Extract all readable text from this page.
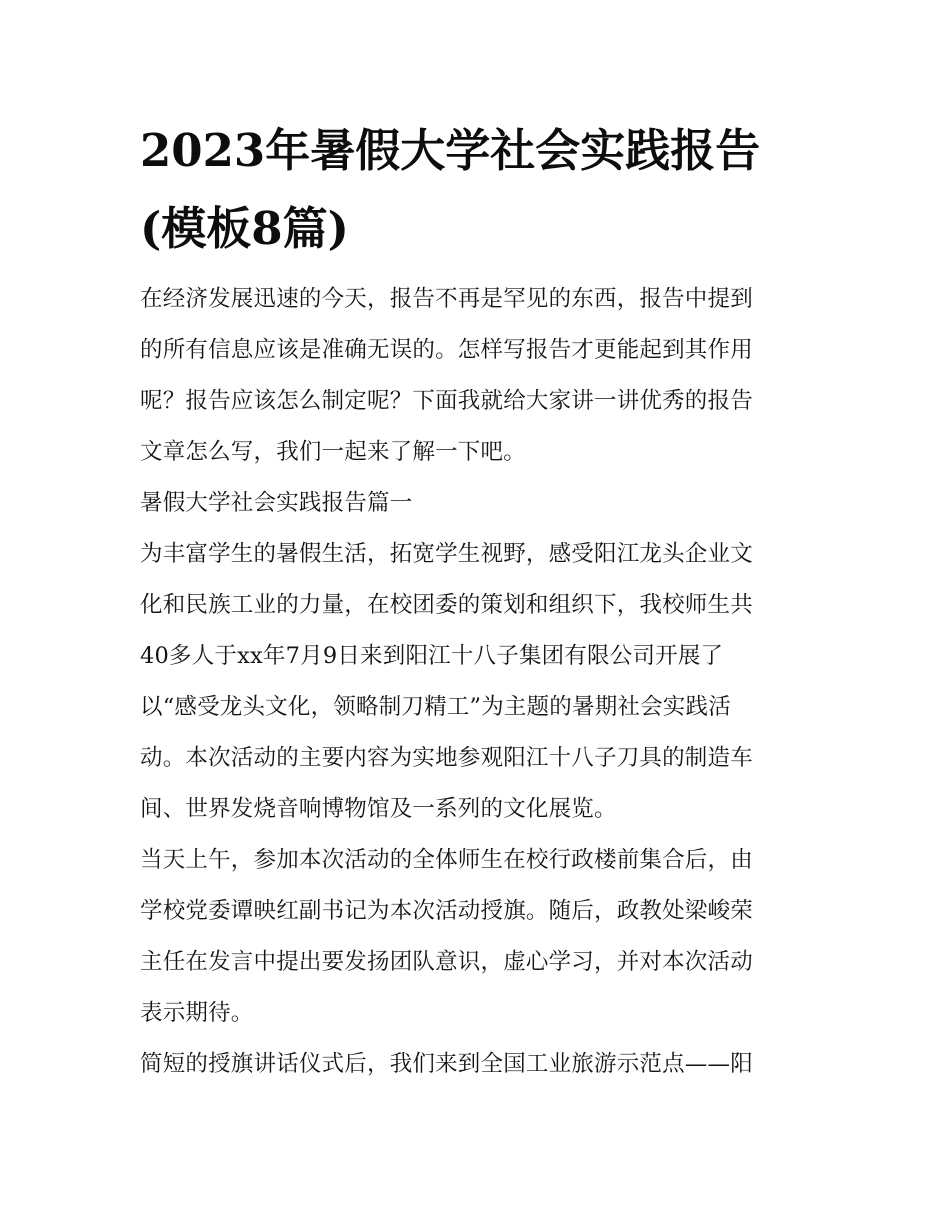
2023年暑假大学社会实践报告
(模板8篇)

在经济发展迅速的今天，报告不再是罕见的东西，报告中提到

的所有信息应该是准确无误的。怎样写报告才更能起到其作用

呢？报告应该怎么制定呢？下面我就给大家讲一讲优秀的报告

文章怎么写，我们一起来了解一下吧。

暑假大学社会实践报告篇一

为丰富学生的暑假生活，拓宽学生视野，感受阳江龙头企业文

化和民族工业的力量，在校团委的策划和组织下，我校师生共

40多人于xx年7月9日来到阳江十八子集团有限公司开展了

以“感受龙头文化，领略制刀精工”为主题的暑期社会实践活

动。本次活动的主要内容为实地参观阳江十八子刀具的制造车

间、世界发烧音响博物馆及一系列的文化展览。

当天上午，参加本次活动的全体师生在校行政楼前集合后，由

学校党委谭映红副书记为本次活动授旗。随后，政教处梁峻荣

主任在发言中提出要发扬团队意识，虚心学习，并对本次活动

表示期待。

简短的授旗讲话仪式后，我们来到全国工业旅游示范点——阳
